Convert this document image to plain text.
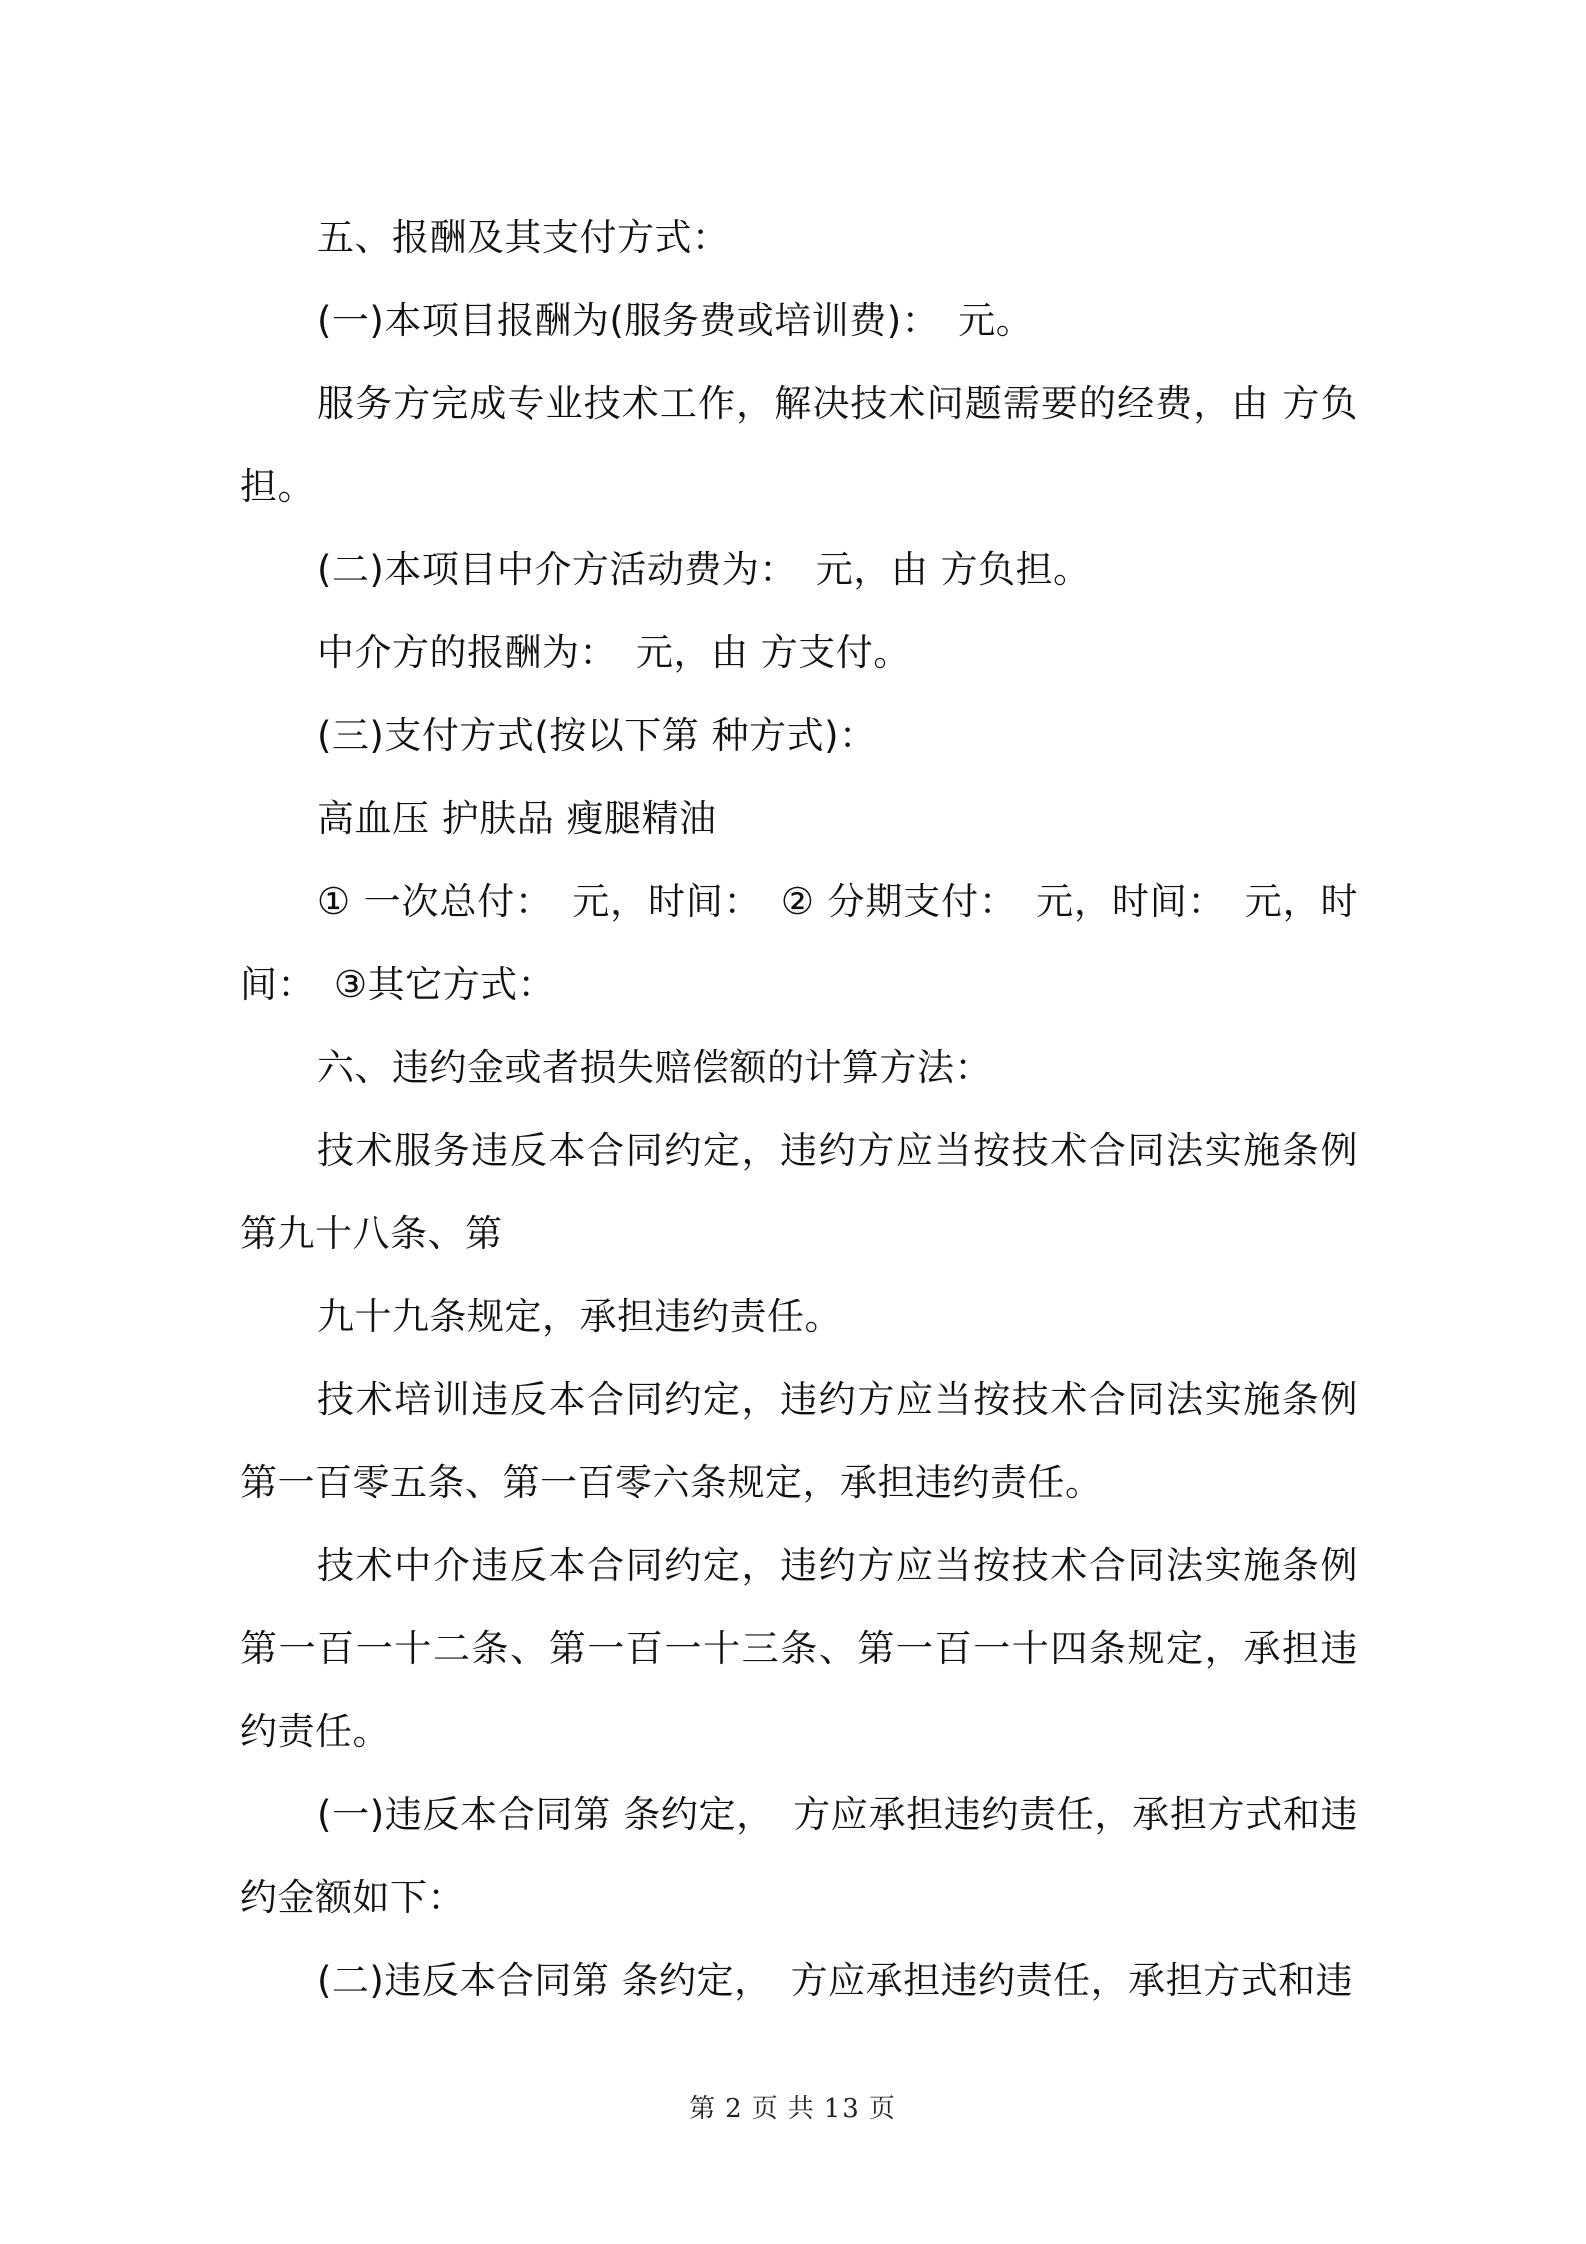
五、报酬及其支付方式：

(一)本项目报酬为(服务费或培训费)：　元。

服务方完成专业技术工作，解决技术问题需要的经费，由 方负担。

(二)本项目中介方活动费为：　元，由 方负担。

中介方的报酬为：　元，由 方支付。

(三)支付方式(按以下第 种方式)：

高血压 护肤品 瘦腿精油

① 一次总付：　元，时间：　② 分期支付：　元，时间：　元，时间：　③其它方式：

六、违约金或者损失赔偿额的计算方法：

技术服务违反本合同约定，违约方应当按技术合同法实施条例第九十八条、第

九十九条规定，承担违约责任。

技术培训违反本合同约定，违约方应当按技术合同法实施条例第一百零五条、第一百零六条规定，承担违约责任。

技术中介违反本合同约定，违约方应当按技术合同法实施条例第一百一十二条、第一百一十三条、第一百一十四条规定，承担违约责任。

(一)违反本合同第 条约定，　方应承担违约责任，承担方式和违约金额如下：

(二)违反本合同第 条约定，　方应承担违约责任，承担方式和违

第 2 页 共 13 页
